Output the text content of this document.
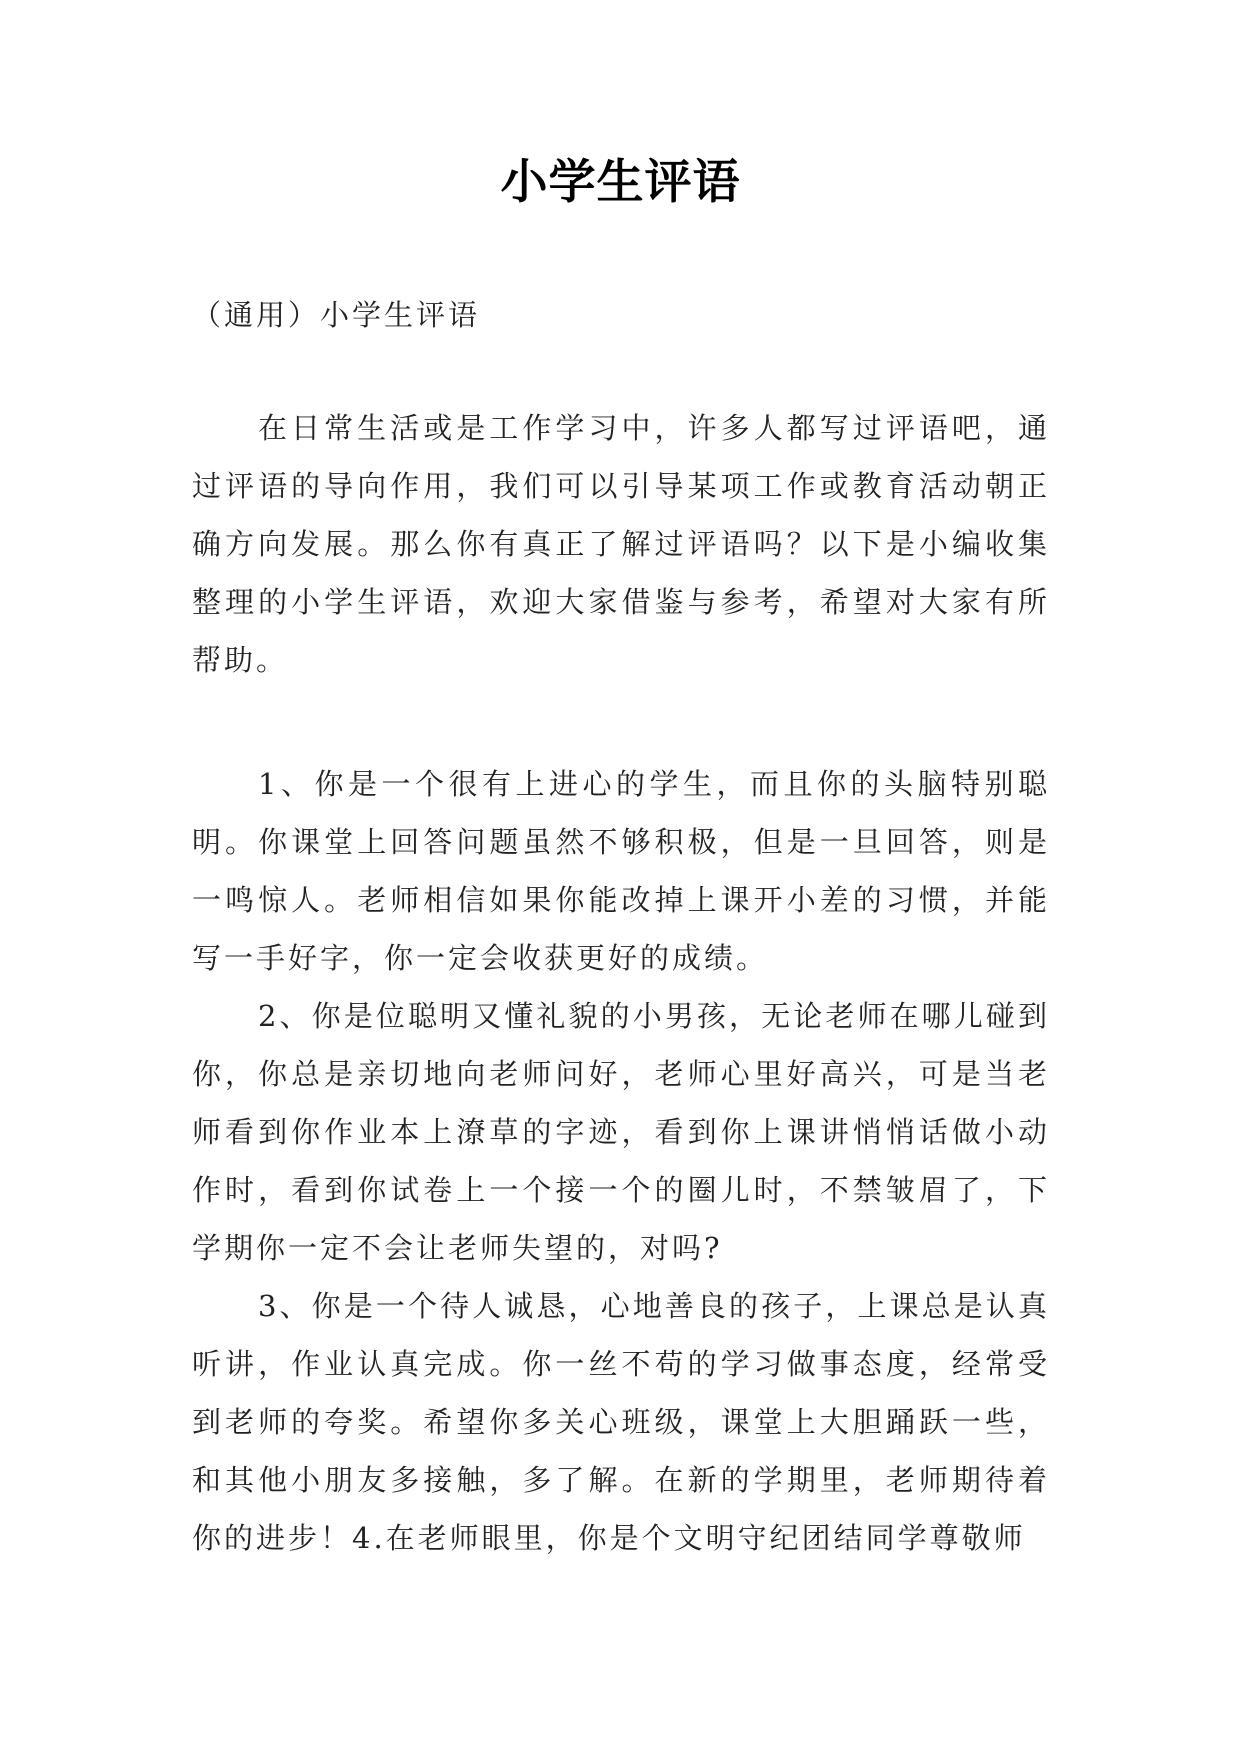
小学生评语
（通用）小学生评语

在日常生活或是工作学习中，许多人都写过评语吧，通过评语的导向作用，我们可以引导某项工作或教育活动朝正确方向发展。那么你有真正了解过评语吗？以下是小编收集整理的小学生评语，欢迎大家借鉴与参考，希望对大家有所帮助。

1、你是一个很有上进心的学生，而且你的头脑特别聪明。你课堂上回答问题虽然不够积极，但是一旦回答，则是一鸣惊人。老师相信如果你能改掉上课开小差的习惯，并能写一手好字，你一定会收获更好的成绩。

2、你是位聪明又懂礼貌的小男孩，无论老师在哪儿碰到你，你总是亲切地向老师问好，老师心里好高兴，可是当老师看到你作业本上潦草的字迹，看到你上课讲悄悄话做小动作时，看到你试卷上一个接一个的圈儿时，不禁皱眉了，下学期你一定不会让老师失望的，对吗?

3、你是一个待人诚恳，心地善良的孩子，上课总是认真听讲，作业认真完成。你一丝不苟的学习做事态度，经常受到老师的夸奖。希望你多关心班级，课堂上大胆踊跃一些，和其他小朋友多接触，多了解。在新的学期里，老师期待着你的进步！4.在老师眼里，你是个文明守纪团结同学尊敬师
